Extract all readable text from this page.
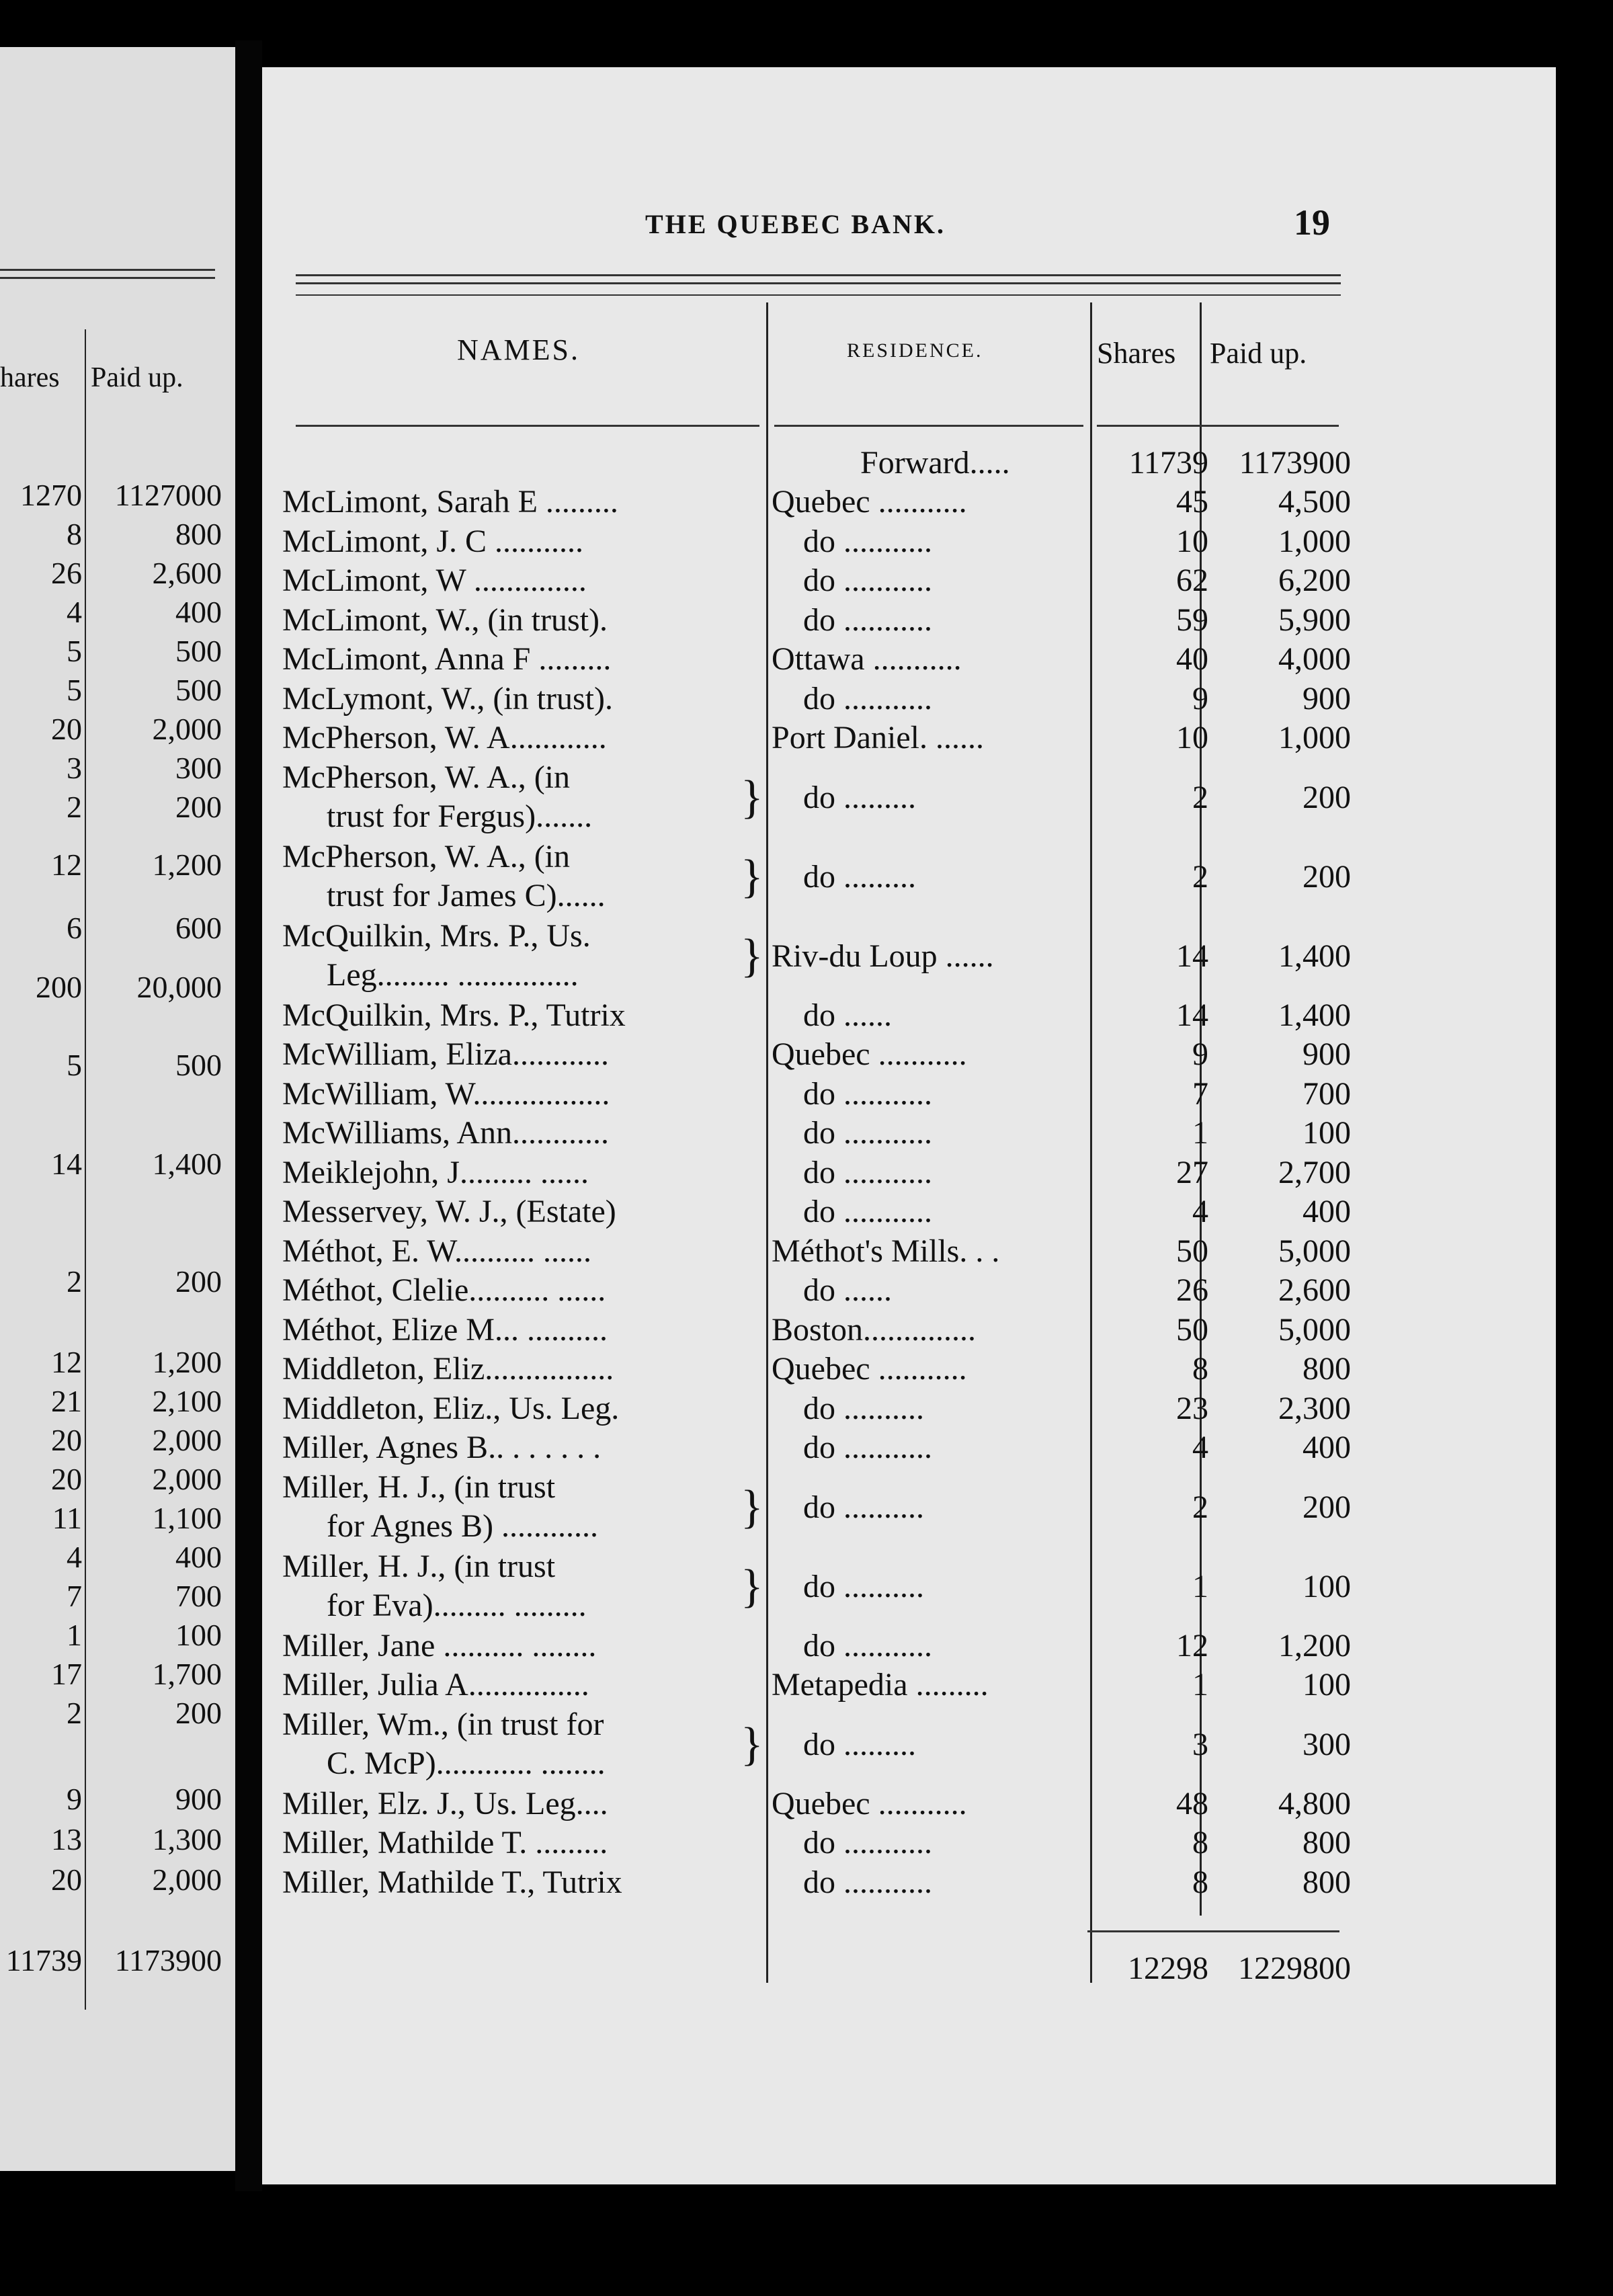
hares Paid up.
1270 1127000
8	800
26 2,600
4	400
5	500
5	500
20 2,000
3	300
2	200
12 1,200
6	600
200 20,000
5	500
14 1,400
2	200
12 1,200
21 2,100
20 2,000
20 2,000
11 1,100
4	400
7	700
1	100
17 1,700
2	200
9	900
13 1,300
20 2,000
11739 1173900
THE QUEBEC BANK.	19
NAMES.	RESIDENCE.	Shares Paid up.
Forward.....	11739 1173900
McLimont, Sarah E .........	Quebec ...........	45	4,500
McLimont, J. C ...........	do ...........	10	1,000
McLimont, W ..............	do ...........	62	6,200
McLimont, W., (in trust).	do ...........	59	5,900
McLimont, Anna F .........	Ottawa ...........	40	4,000
McLymont, W., (in trust).	do ...........	9	900
McPherson, W. A............	Port Daniel. ......	10	1,000
McPherson, W. A., (in
trust for Fergus).......	} do .........	2	200
McPherson, W. A., (in
trust for James C)......	} do .........	2	200
McQuilkin, Mrs. P., Us.
Leg......... ...............	} Riv-du Loup ......	14	1,400
McQuilkin, Mrs. P., Tutrix	do ......	14	1,400
McWilliam, Eliza............	Quebec ...........	9	900
McWilliam, W.................	do ...........	7	700
McWilliams, Ann............	do ...........	1	100
Meiklejohn, J......... ......	do ...........	27	2,700
Messervey, W. J., (Estate)	do ...........	4	400
Méthot, E. W.......... ......	Méthot's Mills. . .	50	5,000
Méthot, Clelie.......... ......	do ......	26	2,600
Méthot, Elize M... ..........	Boston..............	50	5,000
Middleton, Eliz................	Quebec ...........	8	800
Middleton, Eliz., Us. Leg.	do ..........	23	2,300
Miller, Agnes B.. . . . . . .	do ...........	4	400
Miller, H. J., (in trust
for Agnes B) ............	} do ..........	2	200
Miller, H. J., (in trust
for Eva)......... .........	} do ..........	1	100
Miller, Jane .......... ........	do ...........	12	1,200
Miller, Julia A...............	Metapedia .........	1	100
Miller, Wm., (in trust for
C. McP)............ ........	} do .........	3	300
Miller, Elz. J., Us. Leg....	Quebec ...........	48	4,800
Miller, Mathilde T. .........	do ...........	8	800
Miller, Mathilde T., Tutrix	do ...........	8	800
12298 1229800
